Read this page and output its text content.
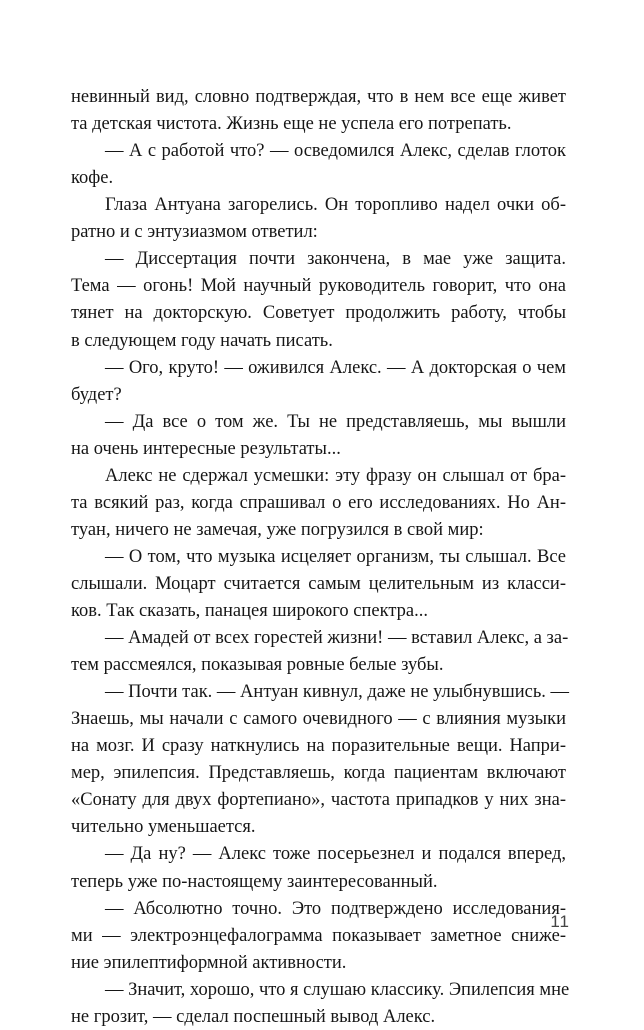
невинный вид, словно подтверждая, что в нем все еще живет
та детская чистота. Жизнь еще не успела его потрепать.
— А с работой что? — осведомился Алекс, сделав глоток
кофе.
Глаза Антуана загорелись. Он торопливо надел очки об-
ратно и с энтузиазмом ответил:
— Диссертация почти закончена, в мае уже защита.
Тема — огонь! Мой научный руководитель говорит, что она
тянет на докторскую. Советует продолжить работу, чтобы
в следующем году начать писать.
— Ого, круто! — оживился Алекс. — А докторская о чем
будет?
— Да все о том же. Ты не представляешь, мы вышли
на очень интересные результаты...
Алекс не сдержал усмешки: эту фразу он слышал от бра-
та всякий раз, когда спрашивал о его исследованиях. Но Ан-
туан, ничего не замечая, уже погрузился в свой мир:
— О том, что музыка исцеляет организм, ты слышал. Все
слышали. Моцарт считается самым целительным из класси-
ков. Так сказать, панацея широкого спектра...
— Амадей от всех горестей жизни! — вставил Алекс, а за-
тем рассмеялся, показывая ровные белые зубы.
— Почти так. — Антуан кивнул, даже не улыбнувшись. —
Знаешь, мы начали с самого очевидного — с влияния музыки
на мозг. И сразу наткнулись на поразительные вещи. Напри-
мер, эпилепсия. Представляешь, когда пациентам включают
«Сонату для двух фортепиано», частота припадков у них зна-
чительно уменьшается.
— Да ну? — Алекс тоже посерьезнел и подался вперед,
теперь уже по-настоящему заинтересованный.
— Абсолютно точно. Это подтверждено исследования-
ми — электроэнцефалограмма показывает заметное сниже-
ние эпилептиформной активности.
— Значит, хорошо, что я слушаю классику. Эпилепсия мне
не грозит, — сделал поспешный вывод Алекс.
11
